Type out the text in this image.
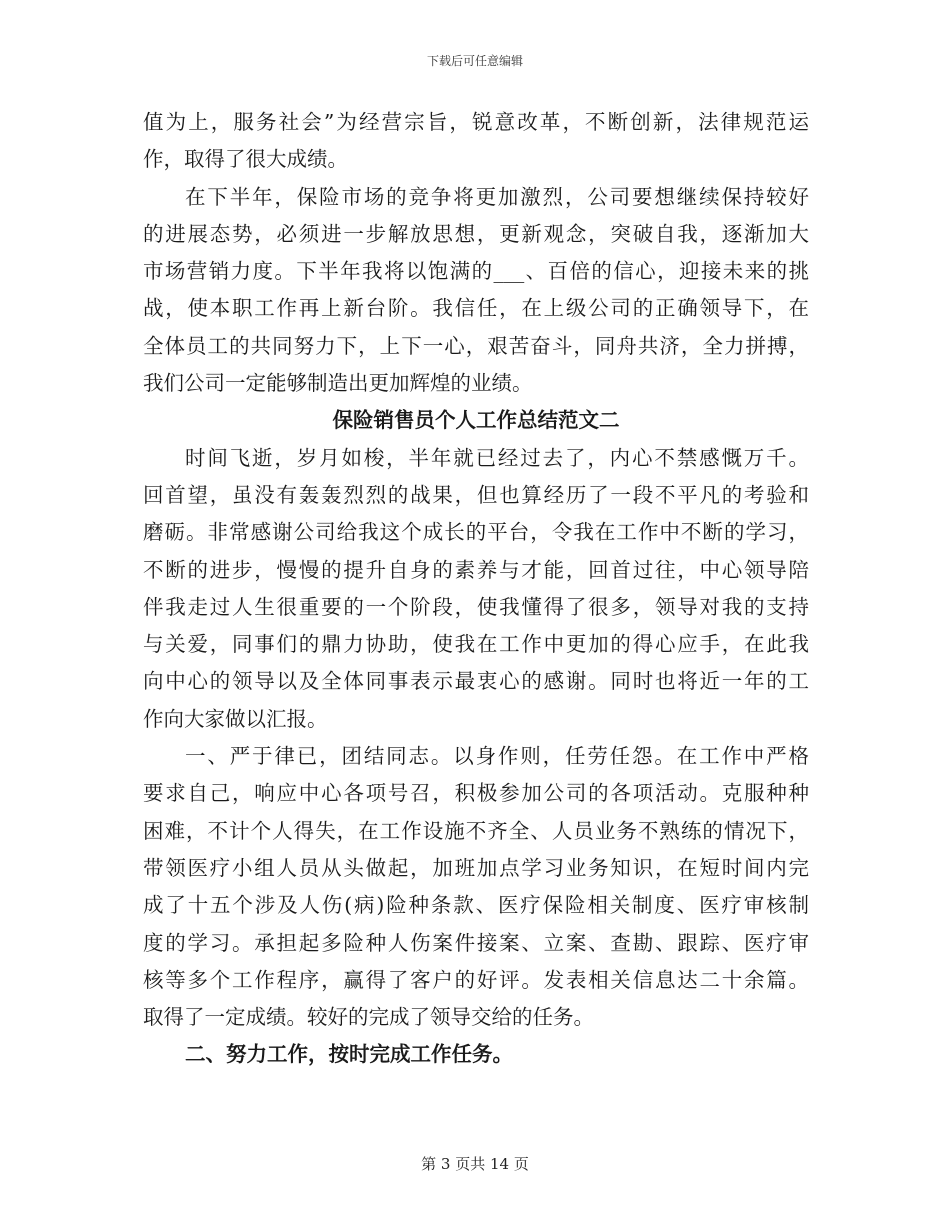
下载后可任意编辑
值为上，服务社会”为经营宗旨，锐意改革，不断创新，法律规范运
作，取得了很大成绩。
在下半年，保险市场的竞争将更加激烈，公司要想继续保持较好
的进展态势，必须进一步解放思想，更新观念，突破自我，逐渐加大
市场营销力度。下半年我将以饱满的___、百倍的信心，迎接未来的挑
战，使本职工作再上新台阶。我信任，在上级公司的正确领导下，在
全体员工的共同努力下，上下一心，艰苦奋斗，同舟共济，全力拼搏，
我们公司一定能够制造出更加辉煌的业绩。
保险销售员个人工作总结范文二
时间飞逝，岁月如梭，半年就已经过去了，内心不禁感慨万千。
回首望，虽没有轰轰烈烈的战果，但也算经历了一段不平凡的考验和
磨砺。非常感谢公司给我这个成长的平台，令我在工作中不断的学习，
不断的进步，慢慢的提升自身的素养与才能，回首过往，中心领导陪
伴我走过人生很重要的一个阶段，使我懂得了很多，领导对我的支持
与关爱，同事们的鼎力协助，使我在工作中更加的得心应手，在此我
向中心的领导以及全体同事表示最衷心的感谢。同时也将近一年的工
作向大家做以汇报。
一、严于律已，团结同志。以身作则，任劳任怨。在工作中严格
要求自己，响应中心各项号召，积极参加公司的各项活动。克服种种
困难，不计个人得失，在工作设施不齐全、人员业务不熟练的情况下，
带领医疗小组人员从头做起，加班加点学习业务知识，在短时间内完
成了十五个涉及人伤(病)险种条款、医疗保险相关制度、医疗审核制
度的学习。承担起多险种人伤案件接案、立案、查勘、跟踪、医疗审
核等多个工作程序，赢得了客户的好评。发表相关信息达二十余篇。
取得了一定成绩。较好的完成了领导交给的任务。
二、努力工作，按时完成工作任务。
第 3 页共 14 页
